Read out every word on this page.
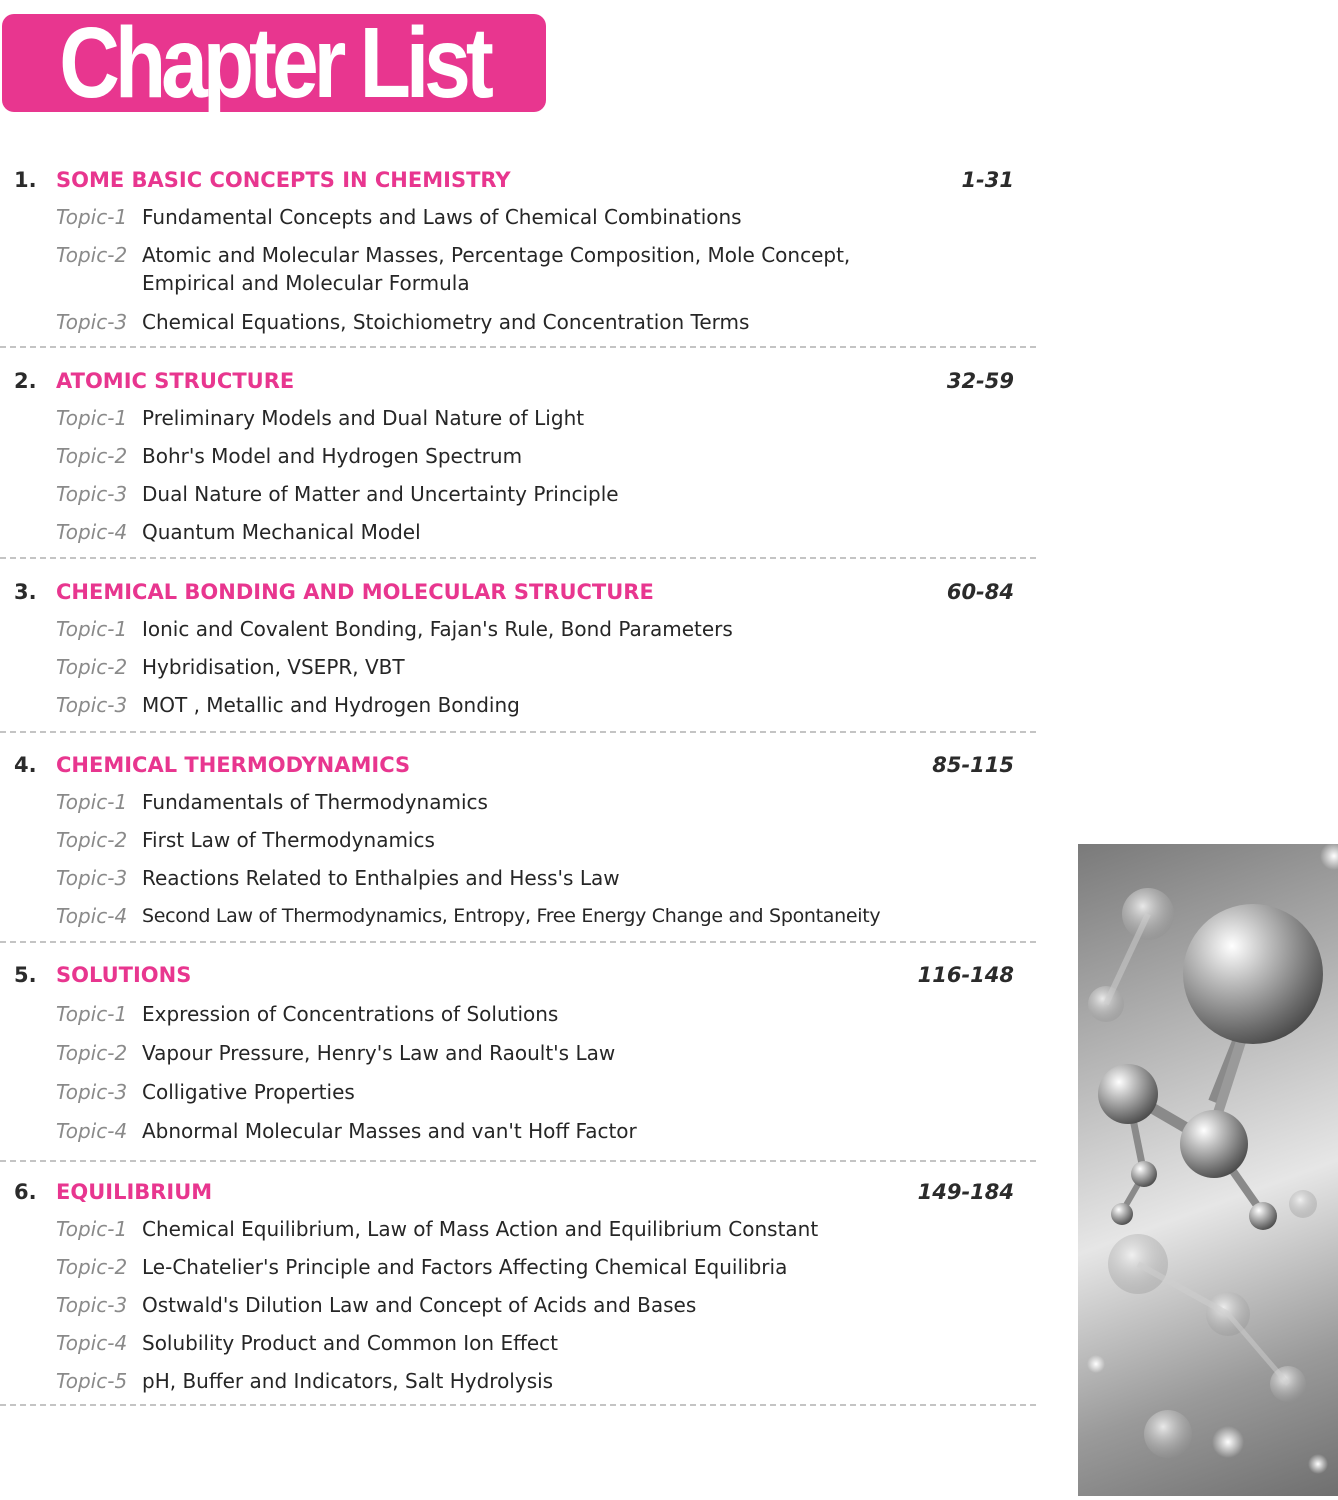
Chapter List
1. SOME BASIC CONCEPTS IN CHEMISTRY	1-31
Topic-1 Fundamental Concepts and Laws of Chemical Combinations
Topic-2 Atomic and Molecular Masses, Percentage Composition, Mole Concept, Empirical and Molecular Formula
Topic-3 Chemical Equations, Stoichiometry and Concentration Terms
2. ATOMIC STRUCTURE	32-59
Topic-1 Preliminary Models and Dual Nature of Light
Topic-2 Bohr's Model and Hydrogen Spectrum
Topic-3 Dual Nature of Matter and Uncertainty Principle
Topic-4 Quantum Mechanical Model
3. CHEMICAL BONDING AND MOLECULAR STRUCTURE	60-84
Topic-1 Ionic and Covalent Bonding, Fajan's Rule, Bond Parameters
Topic-2 Hybridisation, VSEPR, VBT
Topic-3 MOT , Metallic and Hydrogen Bonding
4. CHEMICAL THERMODYNAMICS	85-115
Topic-1 Fundamentals of Thermodynamics
Topic-2 First Law of Thermodynamics
Topic-3 Reactions Related to Enthalpies and Hess's Law
Topic-4 Second Law of Thermodynamics, Entropy, Free Energy Change and Spontaneity
5. SOLUTIONS	116-148
Topic-1 Expression of Concentrations of Solutions
Topic-2 Vapour Pressure, Henry's Law and Raoult's Law
Topic-3 Colligative Properties
Topic-4 Abnormal Molecular Masses and van't Hoff Factor
6. EQUILIBRIUM	149-184
Topic-1 Chemical Equilibrium, Law of Mass Action and Equilibrium Constant
Topic-2 Le-Chatelier's Principle and Factors Affecting Chemical Equilibria
Topic-3 Ostwald's Dilution Law and Concept of Acids and Bases
Topic-4 Solubility Product and Common Ion Effect
Topic-5 pH, Buffer and Indicators, Salt Hydrolysis
